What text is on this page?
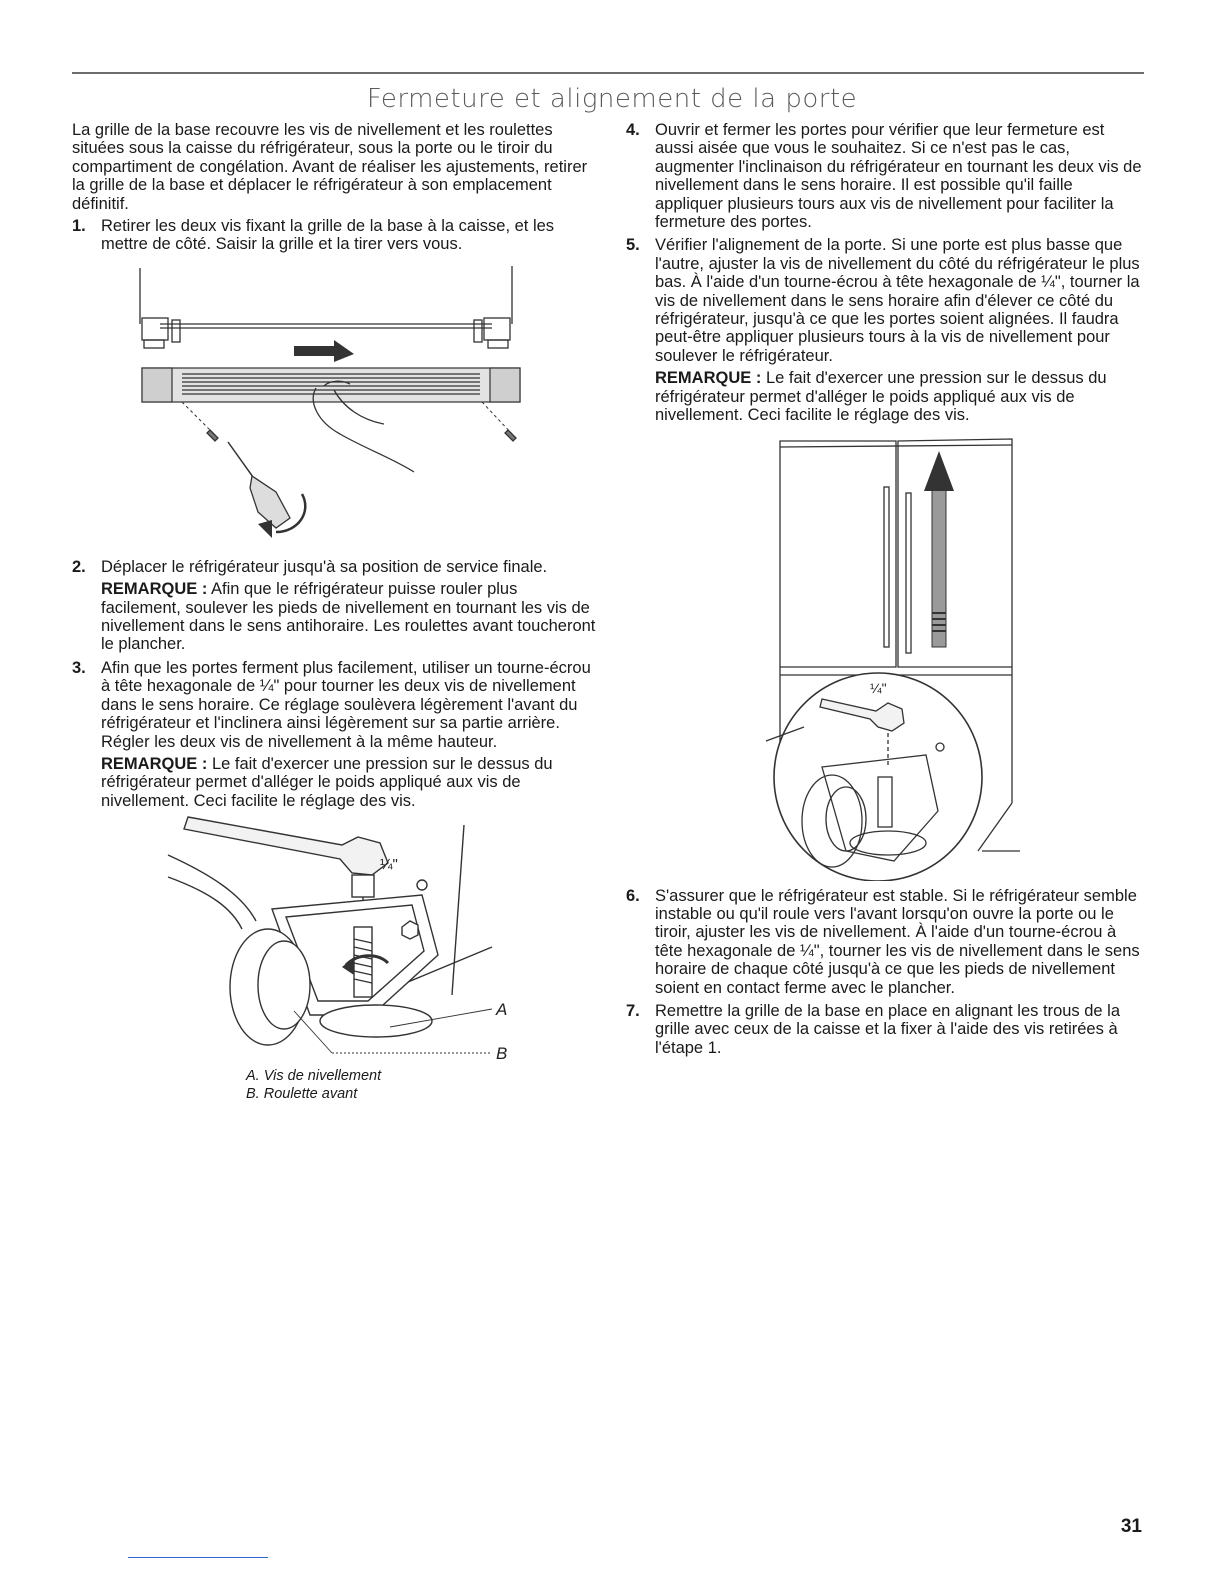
Fermeture et alignement de la porte

La grille de la base recouvre les vis de nivellement et les roulettes situées sous la caisse du réfrigérateur, sous la porte ou le tiroir du compartiment de congélation. Avant de réaliser les ajustements, retirer la grille de la base et déplacer le réfrigérateur à son emplacement définitif.

1. Retirer les deux vis fixant la grille de la base à la caisse, et les mettre de côté. Saisir la grille et la tirer vers vous.

2. Déplacer le réfrigérateur jusqu'à sa position de service finale.

REMARQUE : Afin que le réfrigérateur puisse rouler plus facilement, soulever les pieds de nivellement en tournant les vis de nivellement dans le sens antihoraire. Les roulettes avant toucheront le plancher.

3. Afin que les portes ferment plus facilement, utiliser un tourne-écrou à tête hexagonale de ¼" pour tourner les deux vis de nivellement dans le sens horaire. Ce réglage soulèvera légèrement l'avant du réfrigérateur et l'inclinera ainsi légèrement sur sa partie arrière. Régler les deux vis de nivellement à la même hauteur.

REMARQUE : Le fait d'exercer une pression sur le dessus du réfrigérateur permet d'alléger le poids appliqué aux vis de nivellement. Ceci facilite le réglage des vis.

¼"
A
B

A. Vis de nivellement

B. Roulette avant

4. Ouvrir et fermer les portes pour vérifier que leur fermeture est aussi aisée que vous le souhaitez. Si ce n'est pas le cas, augmenter l'inclinaison du réfrigérateur en tournant les deux vis de nivellement dans le sens horaire. Il est possible qu'il faille appliquer plusieurs tours aux vis de nivellement pour faciliter la fermeture des portes.

5. Vérifier l'alignement de la porte. Si une porte est plus basse que l'autre, ajuster la vis de nivellement du côté du réfrigérateur le plus bas. À l'aide d'un tourne-écrou à tête hexagonale de ¼", tourner la vis de nivellement dans le sens horaire afin d'élever ce côté du réfrigérateur, jusqu'à ce que les portes soient alignées. Il faudra peut-être appliquer plusieurs tours à la vis de nivellement pour soulever le réfrigérateur.

REMARQUE : Le fait d'exercer une pression sur le dessus du réfrigérateur permet d'alléger le poids appliqué aux vis de nivellement. Ceci facilite le réglage des vis.

¼"
6. S'assurer que le réfrigérateur est stable. Si le réfrigérateur semble instable ou qu'il roule vers l'avant lorsqu'on ouvre la porte ou le tiroir, ajuster les vis de nivellement. À l'aide d'un tourne-écrou à tête hexagonale de ¼", tourner les vis de nivellement dans le sens horaire de chaque côté jusqu'à ce que les pieds de nivellement soient en contact ferme avec le plancher.

7. Remettre la grille de la base en place en alignant les trous de la grille avec ceux de la caisse et la fixer à l'aide des vis retirées à l'étape 1.

31
